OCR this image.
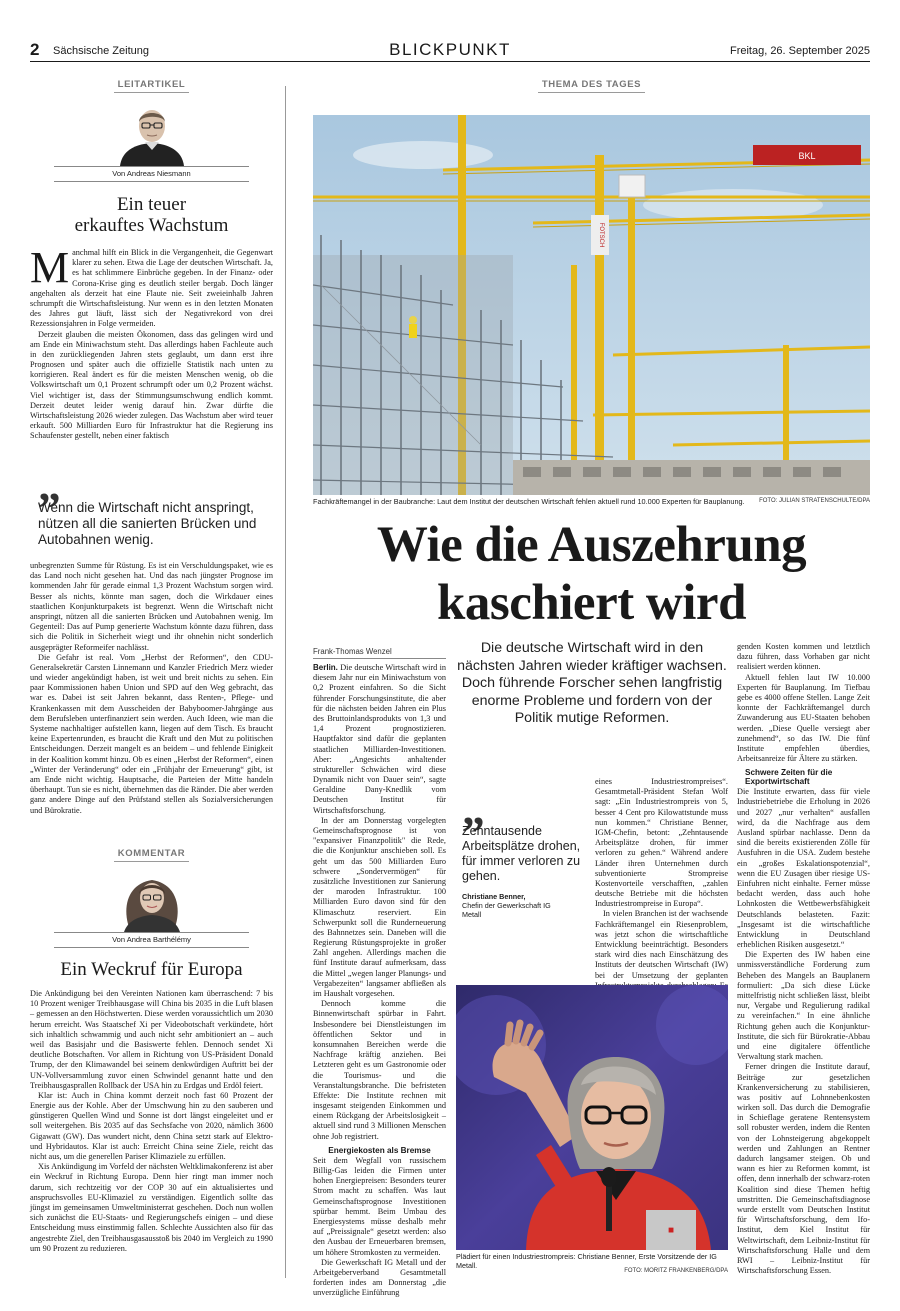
2 Sächsische Zeitung	BLICKPUNKT	Freitag, 26. September 2025
LEITARTIKEL
Von Andreas Niesmann
Ein teuer
erkauftes Wachstum

Manchmal hilft ein Blick in die Vergangenheit, die Gegenwart klarer zu sehen. Etwa die Lage der deutschen Wirtschaft. Ja, es hat schlimmere Einbrüche gegeben. In der Finanz- oder Corona-Krise ging es deutlich steiler bergab. Doch länger angehalten als derzeit hat eine Flaute nie. Seit zweieinhalb Jahren schrumpft die Wirtschaftsleistung. Nur wenn es in den letzten Monaten des Jahres gut läuft, lässt sich der Negativrekord von drei Rezessionsjahren in Folge vermeiden.

Derzeit glauben die meisten Ökonomen, dass das gelingen wird und am Ende ein Miniwachstum steht. Das allerdings haben Fachleute auch in den zurückliegenden Jahren stets geglaubt, um dann erst ihre Prognosen und später auch die offizielle Statistik nach unten zu korrigieren. Real ändert es für die meisten Menschen wenig, ob die Volkswirtschaft um 0,1 Prozent schrumpft oder um 0,2 Prozent wächst. Viel wichtiger ist, dass der Stimmungsumschwung endlich kommt. Derzeit deutet leider wenig darauf hin. Zwar dürfte die Wirtschaftsleistung 2026 wieder zulegen. Das Wachstum aber wird teuer erkauft. 500 Milliarden Euro für Infrastruktur hat die Regierung ins Schaufenster gestellt, neben einer faktisch

„
Wenn die Wirtschaft nicht anspringt, nützen all die sanierten Brücken und Autobahnen wenig.

unbegrenzten Summe für Rüstung. Es ist ein Verschuldungspaket, wie es das Land noch nicht gesehen hat. Und das nach jüngster Prognose im kommenden Jahr für gerade einmal 1,3 Prozent Wachstum sorgen wird. Besser als nichts, könnte man sagen, doch die Wirkdauer eines staatlichen Konjunkturpakets ist begrenzt. Wenn die Wirtschaft nicht anspringt, nützen all die sanierten Brücken und Autobahnen wenig. Im Gegenteil: Das auf Pump generierte Wachstum könnte dazu führen, dass sich die Politik in Sicherheit wiegt und ihr ohnehin nicht sonderlich ausgeprägter Reformeifer nachlässt.

Die Gefahr ist real. Vom „Herbst der Reformen“, den CDU-Generalsekretär Carsten Linnemann und Kanzler Friedrich Merz wieder und wieder angekündigt haben, ist weit und breit nichts zu sehen. Ein paar Kommissionen haben Union und SPD auf den Weg gebracht, das war es. Dabei ist seit Jahren bekannt, dass Renten-, Pflege- und Krankenkassen mit dem Ausscheiden der Babyboomer-Jahrgänge aus dem Berufsleben unterfinanziert sein werden. Auch Ideen, wie man die Systeme nachhaltiger aufstellen kann, liegen auf dem Tisch. Es braucht keine Expertenrunden, es braucht die Kraft und den Mut zu politischen Entscheidungen. Derzeit mangelt es an beidem – und fehlende Einigkeit in der Koalition kommt hinzu. Ob es einen „Herbst der Reformen“, einen „Winter der Veränderung“ oder ein „Frühjahr der Erneuerung“ gibt, ist am Ende nicht wichtig. Hauptsache, die Parteien der Mitte handeln überhaupt. Tun sie es nicht, übernehmen das die Ränder. Die aber werden ganz andere Dinge auf den Prüfstand stellen als Sozialversicherungen und Bürokratie.

KOMMENTAR
Von Andrea Barthélémy
Ein Weckruf für Europa

Die Ankündigung bei den Vereinten Nationen kam überraschend: 7 bis 10 Prozent weniger Treibhausgase will China bis 2035 in die Luft blasen – gemessen an den Höchstwerten. Diese werden voraussichtlich um 2030 herum erreicht. Was Staatschef Xi per Videobotschaft verkündete, hört sich inhaltlich schwammig und auch nicht sehr ambitioniert an – auch weil das Basisjahr und die Basiswerte fehlen. Dennoch sendet Xi deutliche Botschaften. Vor allem in Richtung von US-Präsident Donald Trump, der den Klimawandel bei seinem denkwürdigen Auftritt bei der UN-Vollversammlung zuvor einen Schwindel genannt hatte und den Treibhausgasprallen Rollback der USA hin zu Erdgas und Erdöl feiert.

Klar ist: Auch in China kommt derzeit noch fast 60 Prozent der Energie aus der Kohle. Aber der Umschwung hin zu den sauberen und günstigeren Quellen Wind und Sonne ist dort längst eingeleitet und er soll weitergehen. Bis 2035 auf das Sechsfache von 2020, nämlich 3600 Gigawatt (GW). Das wundert nicht, denn China setzt stark auf Elektro- und Hybridautos. Klar ist auch: Erreicht China seine Ziele, reicht das nicht aus, um die generellen Pariser Klimaziele zu erfüllen.

Xis Ankündigung im Vorfeld der nächsten Weltklimakonferenz ist aber ein Weckruf in Richtung Europa. Denn hier ringt man immer noch darum, sich rechtzeitig vor der COP 30 auf ein aktualisiertes und anspruchsvolles EU-Klimaziel zu verständigen. Eigentlich sollte das jüngst im gemeinsamen Umweltministerrat geschehen. Doch nun wollen sich zunächst die EU-Staats- und Regierungschefs einigen – und diese Entscheidung muss einstimmig fallen. Schlechte Aussichten also für das angestrebte Ziel, den Treibhausgasausstoß bis 2040 im Vergleich zu 1990 um 90 Prozent zu reduzieren.

THEMA DES TAGES
BKL
FOTSCH
Fachkräftemangel in der Baubranche: Laut dem Institut der deutschen Wirtschaft fehlen aktuell rund 10.000 Experten für Bauplanung. FOTO: JULIAN STRATENSCHULTE/DPA
Wie die Auszehrung
kaschiert wird
Frank-Thomas Wenzel	Die deutsche Wirtschaft wird in den nächsten Jahren wieder kräftiger wachsen. Doch führende Forscher sehen langfristig enorme Probleme und fordern von der Politik mutige Reformen.

Berlin. Die deutsche Wirtschaft wird in diesem Jahr nur ein Miniwachstum von 0,2 Prozent einfahren. So die Sicht führender Forschungsinstitute, die aber für die nächsten beiden Jahren ein Plus des Bruttoinlandsprodukts von 1,3 und 1,4 Prozent prognostizieren. Hauptfaktor sind dafür die geplanten staatlichen Milliarden-Investitionen. Aber: „Angesichts anhaltender struktureller Schwächen wird diese Dynamik nicht von Dauer sein“, sagte Geraldine Dany-Knedlik vom Deutschen Institut für Wirtschaftsforschung.

In der am Donnerstag vorgelegten Gemeinschaftsprognose ist von "expansiver Finanzpolitik" die Rede, die die Konjunktur anschieben soll. Es geht um das 500 Milliarden Euro schwere „Sondervermögen“ für zusätzliche Investitionen zur Sanierung der maroden Infrastruktur. 100 Milliarden Euro davon sind für den Klimaschutz reserviert. Ein Schwerpunkt soll die Runderneuerung des Bahnnetzes sein. Daneben will die Regierung Rüstungsprojekte in großer Zahl angehen. Allerdings machen die fünf Institute darauf aufmerksam, dass die Mittel „wegen langer Planungs- und Vergabezeiten“ langsamer abfließen als im Haushalt vorgesehen.

Dennoch komme die Binnenwirtschaft spürbar in Fahrt. Insbesondere bei Dienstleistungen im öffentlichen Sektor und in konsumnahen Bereichen werde die Nachfrage kräftig anziehen. Bei Letzteren geht es um Gastronomie oder die Tourismus- und die Veranstaltungsbranche. Die befristeten Effekte: Die Institute rechnen mit insgesamt steigenden Einkommen und einem Rückgang der Arbeitslosigkeit – aktuell sind rund 3 Millionen Menschen ohne Job registriert.

Energiekosten als Bremse

Seit dem Wegfall von russischem Billig-Gas leiden die Firmen unter hohen Energiepreisen: Besonders teurer Strom macht zu schaffen. Was laut Gemeinschaftsprognose Investitionen spürbar hemmt. Beim Umbau des Energiesystems müsse deshalb mehr auf „Preissignale“ gesetzt werden: also den Ausbau der Erneuerbaren bremsen, um höhere Stromkosten zu vermeiden.

Die Gewerkschaft IG Metall und der Arbeitgeberverband Gesamtmetall forderten indes am Donnerstag „die unverzügliche Einführung

„
Zehntausende Arbeitsplätze drohen, für immer verloren zu gehen.
Christiane Benner,
Chefin der Gewerkschaft IG Metall

eines Industriestrompreises“. Gesamtmetall-Präsident Stefan Wolf sagt: „Ein Industriestrompreis von 5, besser 4 Cent pro Kilowattstunde muss nun kommen.“ Christiane Benner, IGM-Chefin, betont: „Zehntausende Arbeitsplätze drohen, für immer verloren zu gehen.“ Während andere Länder ihren Unternehmen durch subventionierte Strompreise Kostenvorteile verschafften, „zahlen deutsche Betriebe mit die höchsten Industriestrompreise in Europa“.

In vielen Branchen ist der wachsende Fachkräftemangel ein Riesenproblem, was jetzt schon die wirtschaftliche Entwicklung beeinträchtigt. Besonders stark wird dies nach Einschätzung des Instituts der deutschen Wirtschaft (IW) bei der Umsetzung der geplanten

■
Plädiert für einen Industriestrompreis: Christiane Benner, Erste Vorsitzende der IG Metall.
FOTO: MORITZ FRANKENBERG/DPA

genden Kosten kommen und letztlich dazu führen, dass Vorhaben gar nicht realisiert werden können.

Aktuell fehlen laut IW 10.000 Experten für Bauplanung. Im Tiefbau gebe es 4000 offene Stellen. Lange Zeit konnte der Fachkräftemangel durch Zuwanderung aus EU-Staaten behoben werden. „Diese Quelle versiegt aber zunehmend“, so das IW. Die fünf Institute empfehlen überdies, Arbeitsanreize für Ältere zu stärken.

Schwere Zeiten für die Exportwirtschaft

Die Institute erwarten, dass für viele Industriebetriebe die Erholung in 2026 und 2027 „nur verhalten“ ausfallen wird, da die Nachfrage aus dem Ausland spürbar nachlasse. Denn da sind die bereits existierenden Zölle für Ausfuhren in die USA. Zudem bestehe ein „großes Eskalationspotenzial“, wenn die EU Zusagen über riesige US-Einfuhren nicht einhalte. Ferner müsse bedacht werden, dass auch hohe Lohnkosten die Wettbewerbsfähigkeit Deutschlands belasteten. Fazit: „Insgesamt ist die wirtschaftliche Entwicklung in Deutschland erheblichen Risiken ausgesetzt.“

Die Experten des IW haben eine unmissverständliche Forderung zum Beheben des Mangels an Bauplanern formuliert: „Da sich diese Lücke mittelfristig nicht schließen lässt, bleibt nur, Vergabe und Regulierung radikal zu vereinfachen.“ In eine ähnliche Richtung gehen auch die Konjunktur-Institute, die sich für Bürokratie-Abbau und eine digitalere öffentliche Verwaltung stark machen.

Ferner dringen die Institute darauf, Beiträge zur gesetzlichen Krankenversicherung zu stabilisieren, was positiv auf Lohnnebenkosten wirken soll. Das durch die Demografie in Schieflage geratene Rentensystem soll robuster werden, indem die Renten von der Lohnsteigerung abgekoppelt werden und Zahlungen an Rentner dadurch langsamer steigen. Ob und wann es hier zu Reformen kommt, ist offen, denn innerhalb der schwarz-roten Koalition sind diese Themen heftig umstritten. Die Gemeinschaftsdiagnose wurde erstellt vom Deutschen Institut für Wirtschaftsforschung, dem Ifo-Institut, dem Kiel Institut für Weltwirtschaft, dem Leibniz-Institut für Wirtschaftsforschung Halle und dem RWI – Leibniz-Institut für Wirtschaftsforschung Essen.
